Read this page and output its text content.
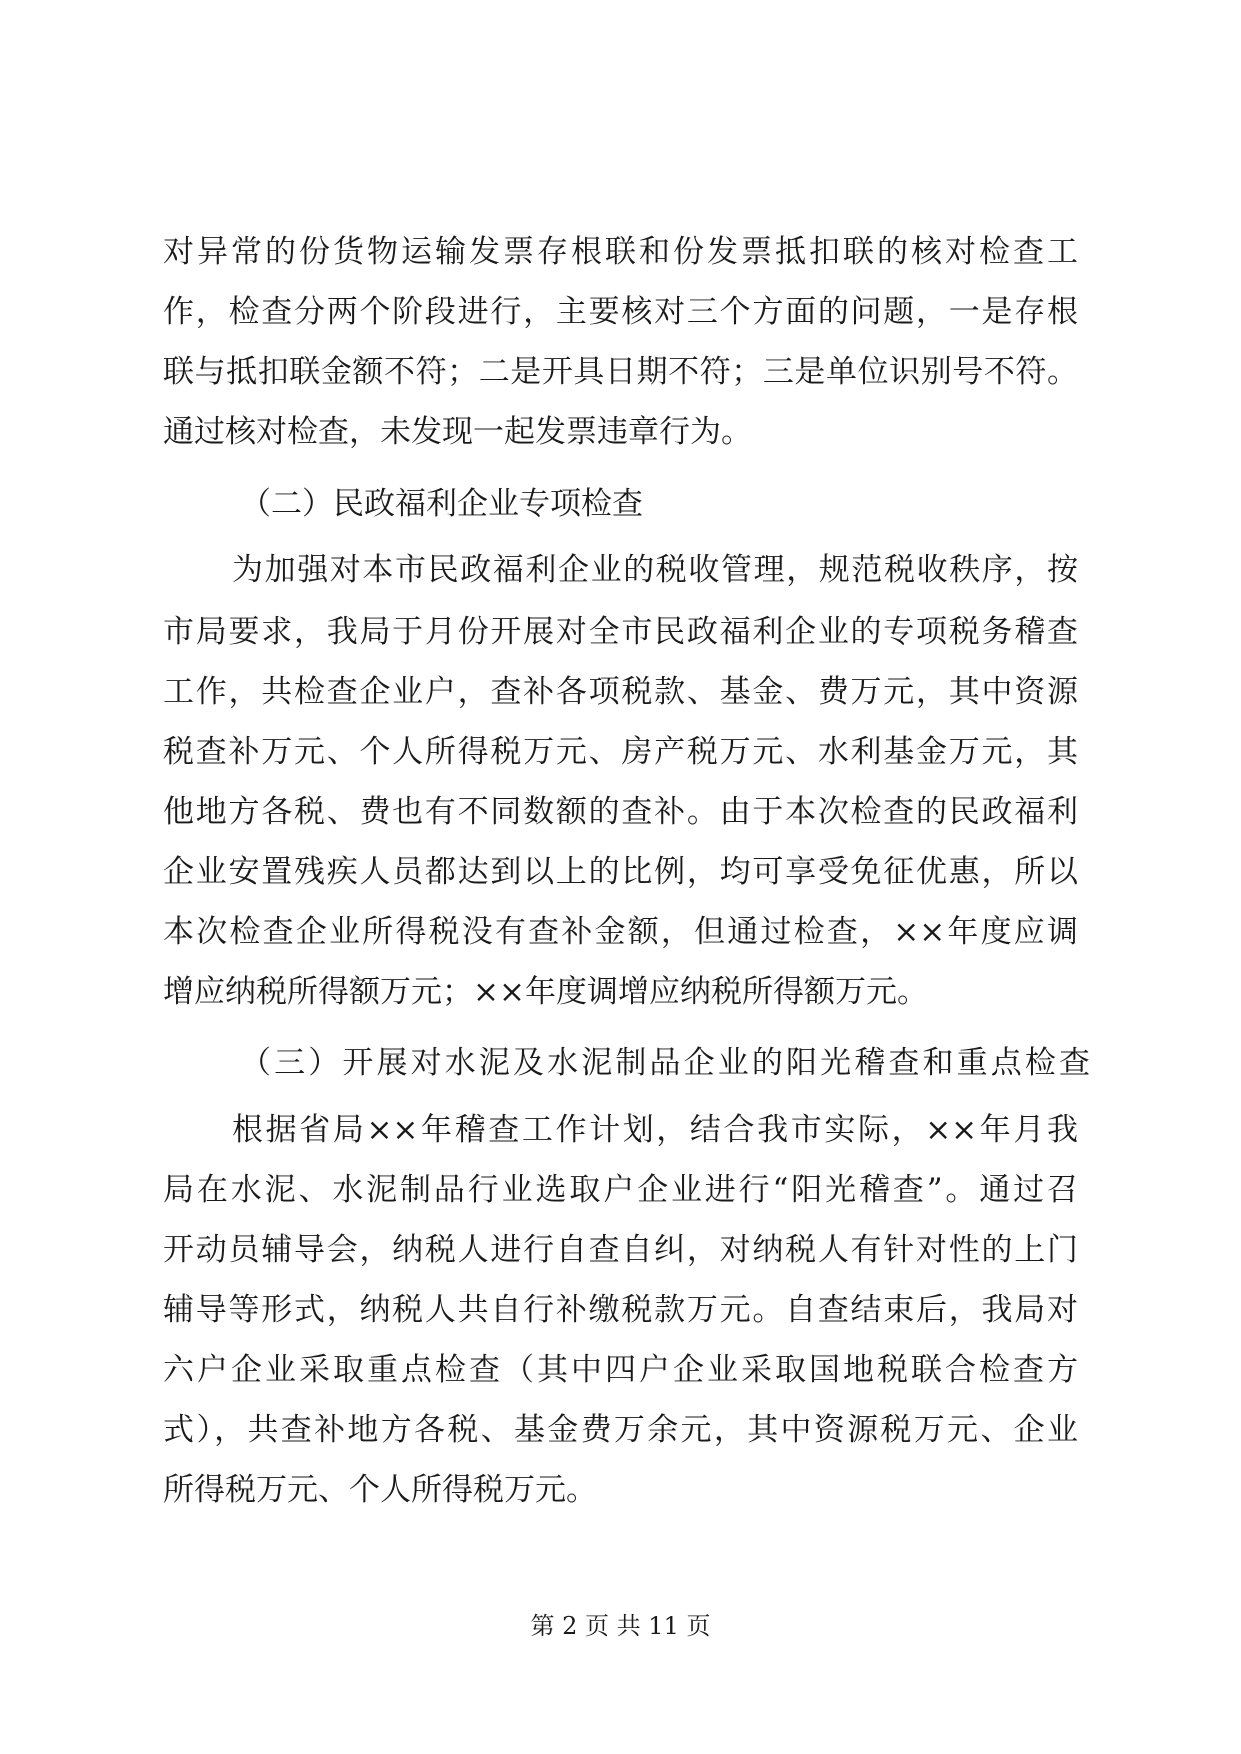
对异常的份货物运输发票存根联和份发票抵扣联的核对检查工
作，检查分两个阶段进行，主要核对三个方面的问题，一是存根
联与抵扣联金额不符；二是开具日期不符；三是单位识别号不符。
通过核对检查，未发现一起发票违章行为。
（二）民政福利企业专项检查
为加强对本市民政福利企业的税收管理，规范税收秩序，按
市局要求，我局于月份开展对全市民政福利企业的专项税务稽查
工作，共检查企业户，查补各项税款、基金、费万元，其中资源
税查补万元、个人所得税万元、房产税万元、水利基金万元，其
他地方各税、费也有不同数额的查补。由于本次检查的民政福利
企业安置残疾人员都达到以上的比例，均可享受免征优惠，所以
本次检查企业所得税没有查补金额，但通过检查，××年度应调
增应纳税所得额万元；××年度调增应纳税所得额万元。
（三）开展对水泥及水泥制品企业的阳光稽查和重点检查
根据省局××年稽查工作计划，结合我市实际，××年月我
局在水泥、水泥制品行业选取户企业进行“阳光稽查”。通过召
开动员辅导会，纳税人进行自查自纠，对纳税人有针对性的上门
辅导等形式，纳税人共自行补缴税款万元。自查结束后，我局对
六户企业采取重点检查（其中四户企业采取国地税联合检查方
式），共查补地方各税、基金费万余元，其中资源税万元、企业
所得税万元、个人所得税万元。
第 2 页 共 11 页
